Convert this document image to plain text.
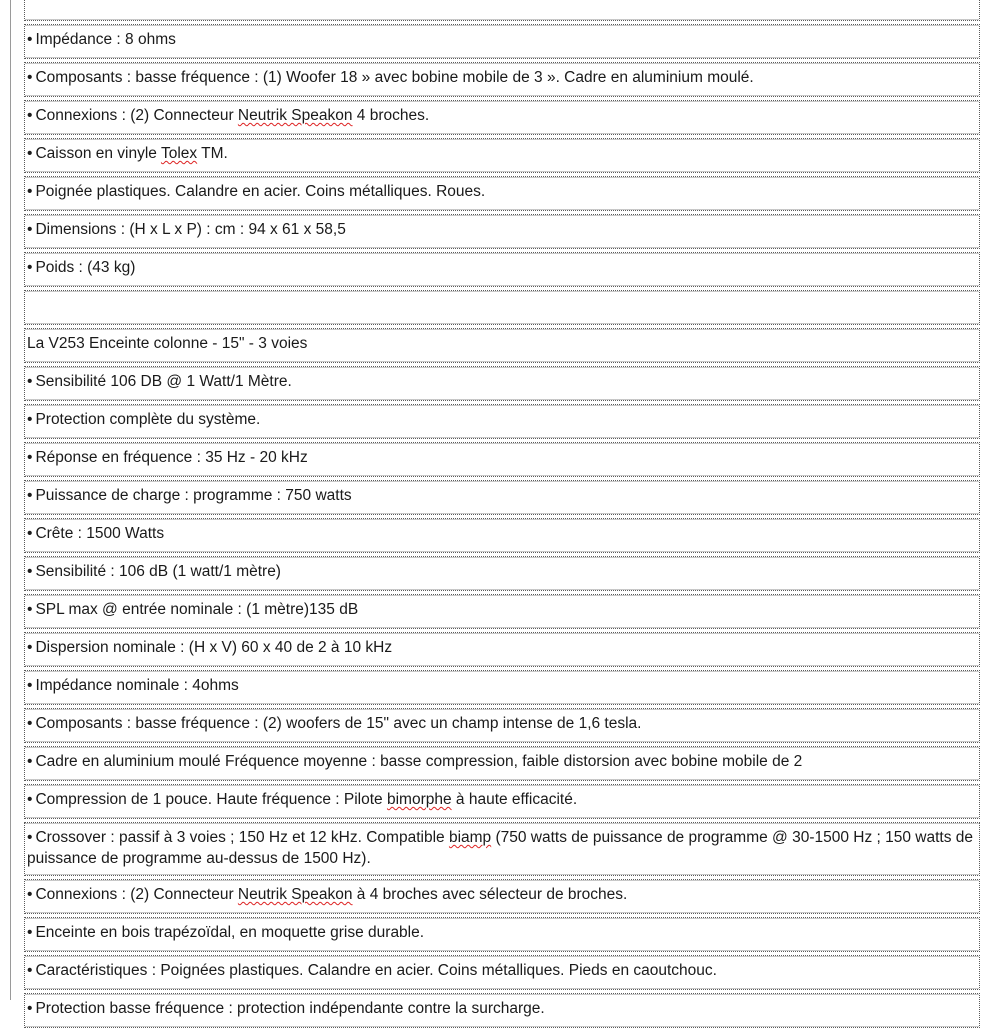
• Impédance : 8 ohms
• Composants : basse fréquence : (1) Woofer 18 » avec bobine mobile de 3 ». Cadre en aluminium moulé.
• Connexions : (2) Connecteur Neutrik Speakon 4 broches.
• Caisson en vinyle Tolex TM.
• Poignée plastiques. Calandre en acier. Coins métalliques. Roues.
• Dimensions : (H x L x P) : cm : 94 x 61 x 58,5
• Poids : (43 kg)
La V253 Enceinte colonne - 15" - 3 voies
• Sensibilité 106 DB @ 1 Watt/1 Mètre.
• Protection complète du système.
• Réponse en fréquence : 35 Hz - 20 kHz
• Puissance de charge : programme : 750 watts
• Crête : 1500 Watts
• Sensibilité : 106 dB (1 watt/1 mètre)
• SPL max @ entrée nominale : (1 mètre)135 dB
• Dispersion nominale : (H x V) 60 x 40 de 2 à 10 kHz
• Impédance nominale : 4ohms
• Composants : basse fréquence : (2) woofers de 15" avec un champ intense de 1,6 tesla.
• Cadre en aluminium moulé Fréquence moyenne : basse compression, faible distorsion avec bobine mobile de 2
• Compression de 1 pouce. Haute fréquence : Pilote bimorphe à haute efficacité.
• Crossover : passif à 3 voies ; 150 Hz et 12 kHz. Compatible biamp (750 watts de puissance de programme @ 30-1500 Hz ; 150 watts de puissance de programme au-dessus de 1500 Hz).
• Connexions : (2) Connecteur Neutrik Speakon à 4 broches avec sélecteur de broches.
• Enceinte en bois trapézoïdal, en moquette grise durable.
• Caractéristiques : Poignées plastiques. Calandre en acier. Coins métalliques. Pieds en caoutchouc.
• Protection basse fréquence : protection indépendante contre la surcharge.
